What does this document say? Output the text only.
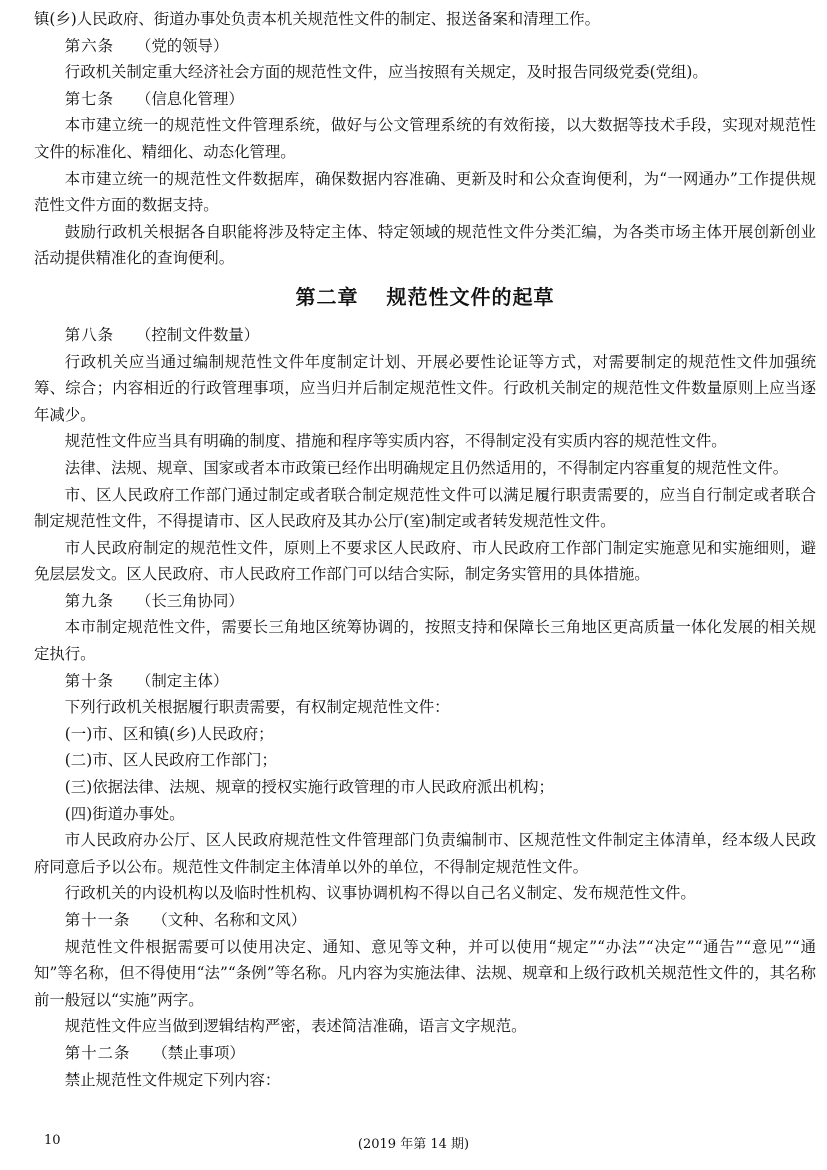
镇(乡)人民政府、街道办事处负责本机关规范性文件的制定、报送备案和清理工作。

第六条 （党的领导）

行政机关制定重大经济社会方面的规范性文件，应当按照有关规定，及时报告同级党委(党组)。

第七条 （信息化管理）

本市建立统一的规范性文件管理系统，做好与公文管理系统的有效衔接，以大数据等技术手段，实现对规范性文件的标准化、精细化、动态化管理。

本市建立统一的规范性文件数据库，确保数据内容准确、更新及时和公众查询便利，为“一网通办”工作提供规范性文件方面的数据支持。

鼓励行政机关根据各自职能将涉及特定主体、特定领域的规范性文件分类汇编，为各类市场主体开展创新创业活动提供精准化的查询便利。

第二章 规范性文件的起草

第八条 （控制文件数量）

行政机关应当通过编制规范性文件年度制定计划、开展必要性论证等方式，对需要制定的规范性文件加强统筹、综合；内容相近的行政管理事项，应当归并后制定规范性文件。行政机关制定的规范性文件数量原则上应当逐年减少。

规范性文件应当具有明确的制度、措施和程序等实质内容，不得制定没有实质内容的规范性文件。

法律、法规、规章、国家或者本市政策已经作出明确规定且仍然适用的，不得制定内容重复的规范性文件。

市、区人民政府工作部门通过制定或者联合制定规范性文件可以满足履行职责需要的，应当自行制定或者联合制定规范性文件，不得提请市、区人民政府及其办公厅(室)制定或者转发规范性文件。

市人民政府制定的规范性文件，原则上不要求区人民政府、市人民政府工作部门制定实施意见和实施细则，避免层层发文。区人民政府、市人民政府工作部门可以结合实际，制定务实管用的具体措施。

第九条 （长三角协同）

本市制定规范性文件，需要长三角地区统筹协调的，按照支持和保障长三角地区更高质量一体化发展的相关规定执行。

第十条 （制定主体）

下列行政机关根据履行职责需要，有权制定规范性文件：

(一)市、区和镇(乡)人民政府；

(二)市、区人民政府工作部门；

(三)依据法律、法规、规章的授权实施行政管理的市人民政府派出机构；

(四)街道办事处。

市人民政府办公厅、区人民政府规范性文件管理部门负责编制市、区规范性文件制定主体清单，经本级人民政府同意后予以公布。规范性文件制定主体清单以外的单位，不得制定规范性文件。

行政机关的内设机构以及临时性机构、议事协调机构不得以自己名义制定、发布规范性文件。

第十一条 （文种、名称和文风）

规范性文件根据需要可以使用决定、通知、意见等文种，并可以使用“规定”“办法”“决定”“通告”“意见”“通知”等名称，但不得使用“法”“条例”等名称。凡内容为实施法律、法规、规章和上级行政机关规范性文件的，其名称前一般冠以“实施”两字。

规范性文件应当做到逻辑结构严密，表述简洁准确，语言文字规范。

第十二条 （禁止事项）

禁止规范性文件规定下列内容：

10	(2019 年第 14 期)
